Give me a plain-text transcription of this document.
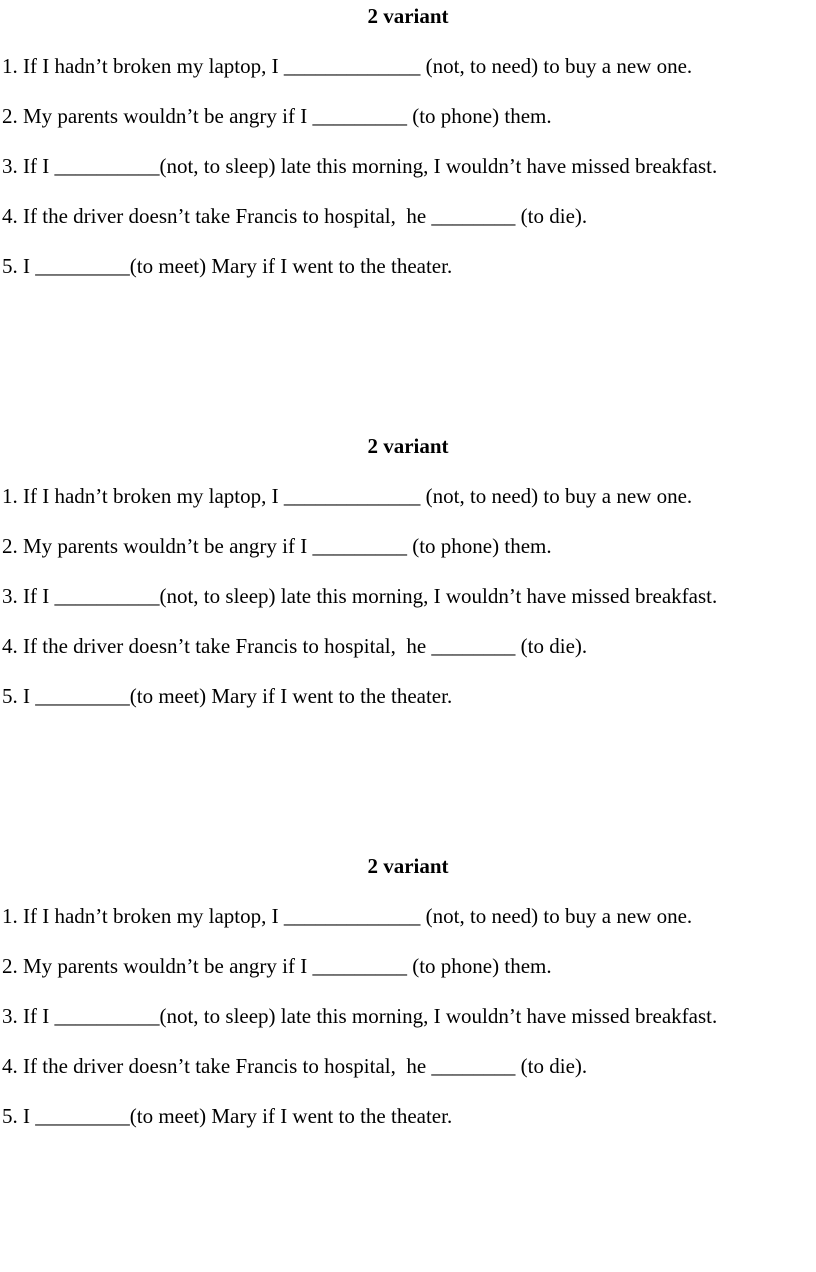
2 variant

1. If I hadn’t broken my laptop, I _____________ (not, to need) to buy a new one.

2. My parents wouldn’t be angry if I _________ (to phone) them.

3. If I __________(not, to sleep) late this morning, I wouldn’t have missed breakfast.

4. If the driver doesn’t take Francis to hospital,  he ________ (to die).

5. I _________(to meet) Mary if I went to the theater.

2 variant

1. If I hadn’t broken my laptop, I _____________ (not, to need) to buy a new one.

2. My parents wouldn’t be angry if I _________ (to phone) them.

3. If I __________(not, to sleep) late this morning, I wouldn’t have missed breakfast.

4. If the driver doesn’t take Francis to hospital,  he ________ (to die).

5. I _________(to meet) Mary if I went to the theater.

2 variant

1. If I hadn’t broken my laptop, I _____________ (not, to need) to buy a new one.

2. My parents wouldn’t be angry if I _________ (to phone) them.

3. If I __________(not, to sleep) late this morning, I wouldn’t have missed breakfast.

4. If the driver doesn’t take Francis to hospital,  he ________ (to die).

5. I _________(to meet) Mary if I went to the theater.
